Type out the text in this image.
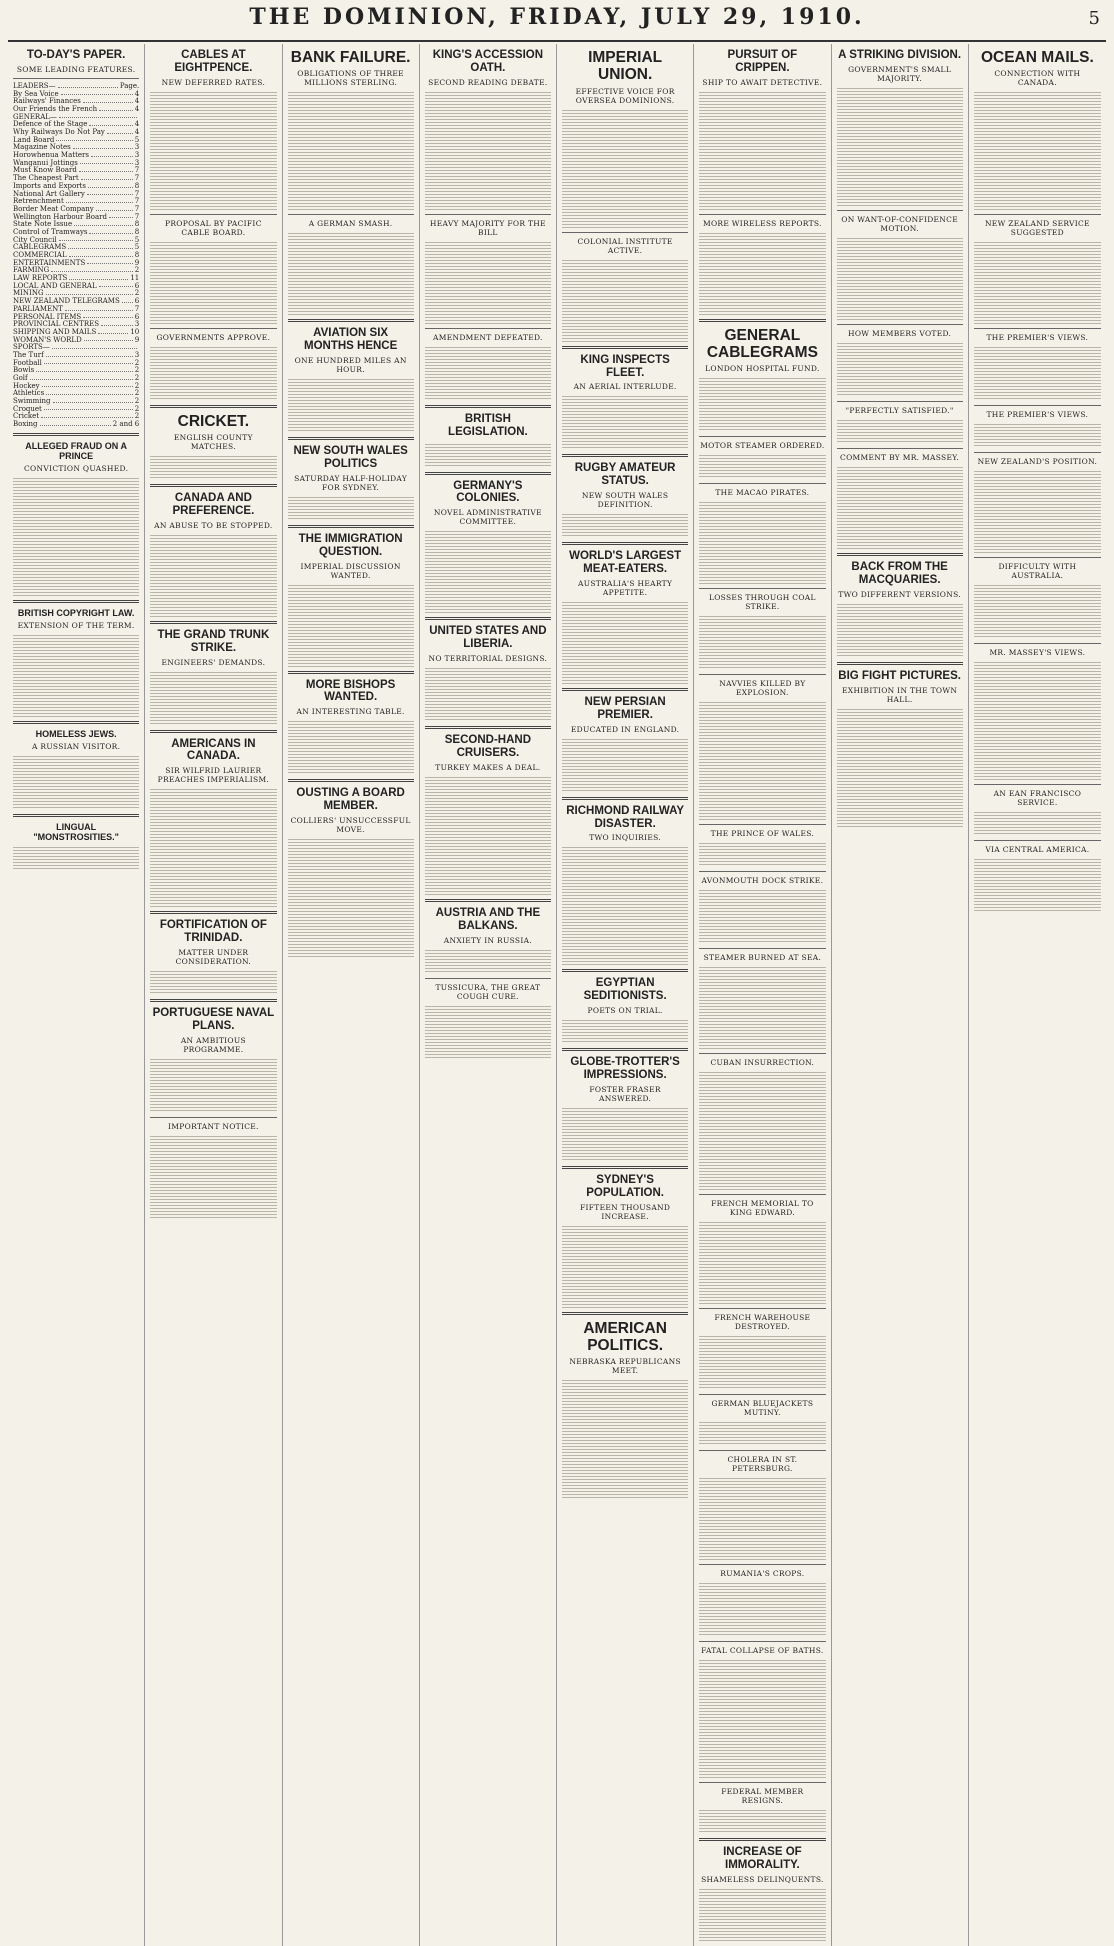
THE DOMINION, FRIDAY, JULY 29, 1910.	5
TO-DAY'S PAPER.
SOME LEADING FEATURES.
LEADERS—	Page.
By Sea Voice	4
Railways' Finances	4
Our Friends the French	4
GENERAL—
Defence of the Stage	4
Why Railways Do Not Pay	4
Land Board	5
Magazine Notes	3
Horowhenua Matters	3
Wanganui Jottings	3
Must Know Board	7
The Cheapest Part	7
Imports and Exports	8
National Art Gallery	7
Retrenchment	7
Border Meat Company	7
Wellington Harbour Board	7
State Note Issue	8
Control of Tramways	8
City Council	5
CABLEGRAMS	5
COMMERCIAL	8
ENTERTAINMENTS	9
FARMING	2
LAW REPORTS	11
LOCAL AND GENERAL	6
MINING	2
NEW ZEALAND TELEGRAMS 6
PARLIAMENT	7
PERSONAL ITEMS	6
PROVINCIAL CENTRES	3
SHIPPING AND MAILS	10
WOMAN'S WORLD	9
SPORTS—
The Turf	3
Football	2
Bowls	2
Golf	2
Hockey	2
Athletics	2
Swimming	2
Croquet	2
Cricket	2
Boxing	2 and 6
ALLEGED FRAUD ON A PRINCE
CONVICTION QUASHED.
BRITISH COPYRIGHT LAW.
EXTENSION OF THE TERM.
HOMELESS JEWS.
A RUSSIAN VISITOR.
LINGUAL "MONSTROSITIES."
CABLES AT EIGHTPENCE.
NEW DEFERRED RATES.
PROPOSAL BY PACIFIC CABLE BOARD.
GOVERNMENTS APPROVE.
CRICKET.
ENGLISH COUNTY MATCHES.
CANADA AND PREFERENCE.
AN ABUSE TO BE STOPPED.
THE GRAND TRUNK STRIKE.
ENGINEERS' DEMANDS.
AMERICANS IN CANADA.
SIR WILFRID LAURIER PREACHES IMPERIALISM.
FORTIFICATION OF TRINIDAD.
MATTER UNDER CONSIDERATION.
PORTUGUESE NAVAL PLANS.
AN AMBITIOUS PROGRAMME.
IMPORTANT NOTICE.
BANK FAILURE.
OBLIGATIONS OF THREE MILLIONS STERLING.
A GERMAN SMASH.
AVIATION SIX MONTHS HENCE
ONE HUNDRED MILES AN HOUR.
NEW SOUTH WALES POLITICS
SATURDAY HALF-HOLIDAY FOR SYDNEY.
THE IMMIGRATION QUESTION.
IMPERIAL DISCUSSION WANTED.
MORE BISHOPS WANTED.
AN INTERESTING TABLE.
OUSTING A BOARD MEMBER.
COLLIERS' UNSUCCESSFUL MOVE.
KING'S ACCESSION OATH.
SECOND READING DEBATE.
HEAVY MAJORITY FOR THE BILL
AMENDMENT DEFEATED.
BRITISH LEGISLATION.
GERMANY'S COLONIES.
NOVEL ADMINISTRATIVE COMMITTEE.
UNITED STATES AND LIBERIA.
NO TERRITORIAL DESIGNS.
SECOND-HAND CRUISERS.
TURKEY MAKES A DEAL.
AUSTRIA AND THE BALKANS.
ANXIETY IN RUSSIA.
TUSSICURA, THE GREAT COUGH CURE.
IMPERIAL UNION.
EFFECTIVE VOICE FOR OVERSEA DOMINIONS.
COLONIAL INSTITUTE ACTIVE.
KING INSPECTS FLEET.
AN AERIAL INTERLUDE.
RUGBY AMATEUR STATUS.
NEW SOUTH WALES DEFINITION.
WORLD'S LARGEST MEAT-EATERS.
AUSTRALIA'S HEARTY APPETITE.
NEW PERSIAN PREMIER.
EDUCATED IN ENGLAND.
RICHMOND RAILWAY DISASTER.
TWO INQUIRIES.
EGYPTIAN SEDITIONISTS.
POETS ON TRIAL.
GLOBE-TROTTER'S IMPRESSIONS.
FOSTER FRASER ANSWERED.
SYDNEY'S POPULATION.
FIFTEEN THOUSAND INCREASE.
AMERICAN POLITICS.
NEBRASKA REPUBLICANS MEET.
PURSUIT OF CRIPPEN.
SHIP TO AWAIT DETECTIVE.
MORE WIRELESS REPORTS.
GENERAL CABLEGRAMS
LONDON HOSPITAL FUND.
MOTOR STEAMER ORDERED.
THE MACAO PIRATES.
LOSSES THROUGH COAL STRIKE.
NAVVIES KILLED BY EXPLOSION.
THE PRINCE OF WALES.
AVONMOUTH DOCK STRIKE.
STEAMER BURNED AT SEA.
CUBAN INSURRECTION.
FRENCH MEMORIAL TO KING EDWARD.
FRENCH WAREHOUSE DESTROYED.
GERMAN BLUEJACKETS MUTINY.
CHOLERA IN ST. PETERSBURG.
RUMANIA'S CROPS.
FATAL COLLAPSE OF BATHS.
FEDERAL MEMBER RESIGNS.
INCREASE OF IMMORALITY.
SHAMELESS DELINQUENTS.
A STRIKING DIVISION.
GOVERNMENT'S SMALL MAJORITY.
ON WANT-OF-CONFIDENCE MOTION.
HOW MEMBERS VOTED.
"PERFECTLY SATISFIED."
COMMENT BY MR. MASSEY.
BACK FROM THE MACQUARIES.
TWO DIFFERENT VERSIONS.
BIG FIGHT PICTURES.
EXHIBITION IN THE TOWN HALL.
OCEAN MAILS.
CONNECTION WITH CANADA.
NEW ZEALAND SERVICE SUGGESTED
THE PREMIER'S VIEWS.
THE PREMIER'S VIEWS.
NEW ZEALAND'S POSITION.
DIFFICULTY WITH AUSTRALIA.
MR. MASSEY'S VIEWS.
AN EAN FRANCISCO SERVICE.
VIA CENTRAL AMERICA.
